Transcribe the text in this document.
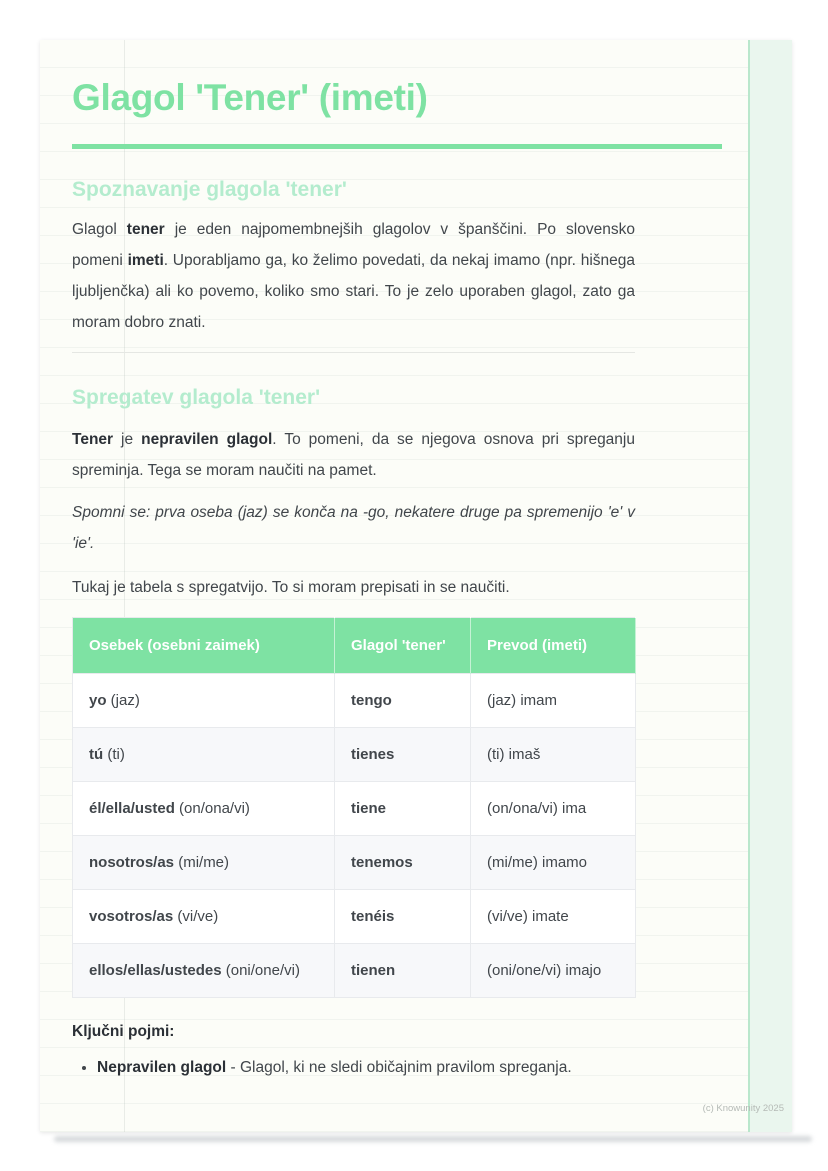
Glagol 'Tener' (imeti)
Spoznavanje glagola 'tener'

Glagol tener je eden najpomembnejših glagolov v španščini. Po slovensko pomeni imeti. Uporabljamo ga, ko želimo povedati, da nekaj imamo (npr. hišnega ljubljenčka) ali ko povemo, koliko smo stari. To je zelo uporaben glagol, zato ga moram dobro znati.

Spregatev glagola 'tener'

Tener je nepravilen glagol. To pomeni, da se njegova osnova pri spreganju spreminja. Tega se moram naučiti na pamet.

Spomni se: prva oseba (jaz) se konča na -go, nekatere druge pa spremenijo 'e' v 'ie'.

Tukaj je tabela s spregatvijo. To si moram prepisati in se naučiti.

Osebek (osebni zaimek)	Glagol 'tener'	Prevod (imeti)
yo (jaz)	tengo	(jaz) imam
tú (ti)	tienes	(ti) imaš
él/ella/usted (on/ona/vi)	tiene	(on/ona/vi) ima
nosotros/as (mi/me)	tenemos	(mi/me) imamo
vosotros/as (vi/ve)	tenéis	(vi/ve) imate
ellos/ellas/ustedes (oni/one/vi)	tienen	(oni/one/vi) imajo
Ključni pojmi:
• Nepravilen glagol - Glagol, ki ne sledi običajnim pravilom spreganja.
(c) Knowunity 2025
